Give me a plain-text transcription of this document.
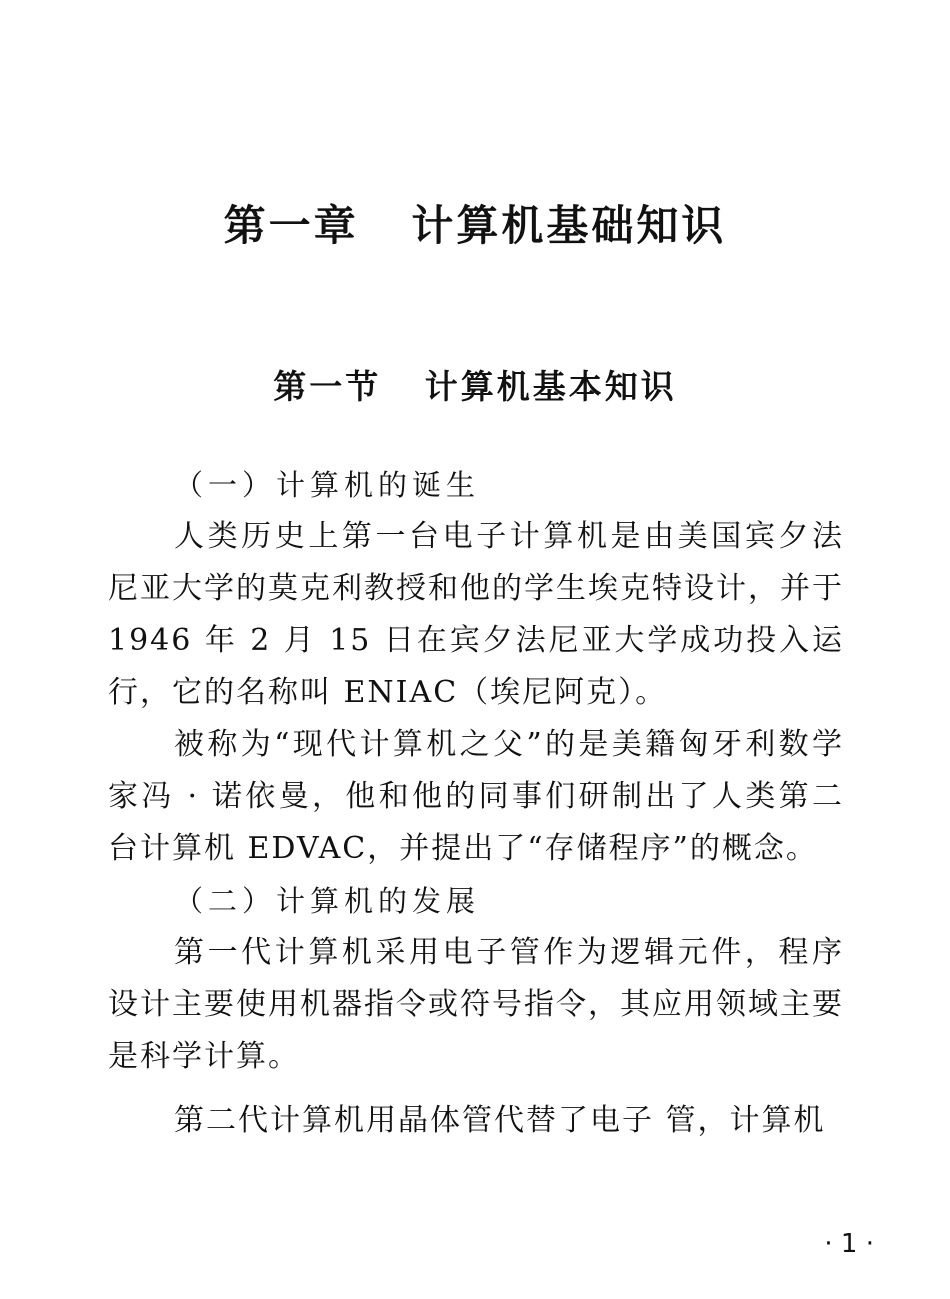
第一章   计算机基础知识
第一节   计算机基本知识

（一）计算机的诞生

人类历史上第一台电子计算机是由美国宾夕法尼亚大学的莫克利教授和他的学生埃克特设计，并于 1946 年 2 月 15 日在宾夕法尼亚大学成功投入运行，它的名称叫 ENIAC（埃尼阿克）。

被称为“现代计算机之父”的是美籍匈牙利数学家冯 · 诺依曼，他和他的同事们研制出了人类第二台计算机 EDVAC，并提出了“存储程序”的概念。

（二）计算机的发展

第一代计算机采用电子管作为逻辑元件，程序设计主要使用机器指令或符号指令，其应用领域主要是科学计算。

第二代计算机用晶体管代替了电子 管，计算机

· 1 ·
